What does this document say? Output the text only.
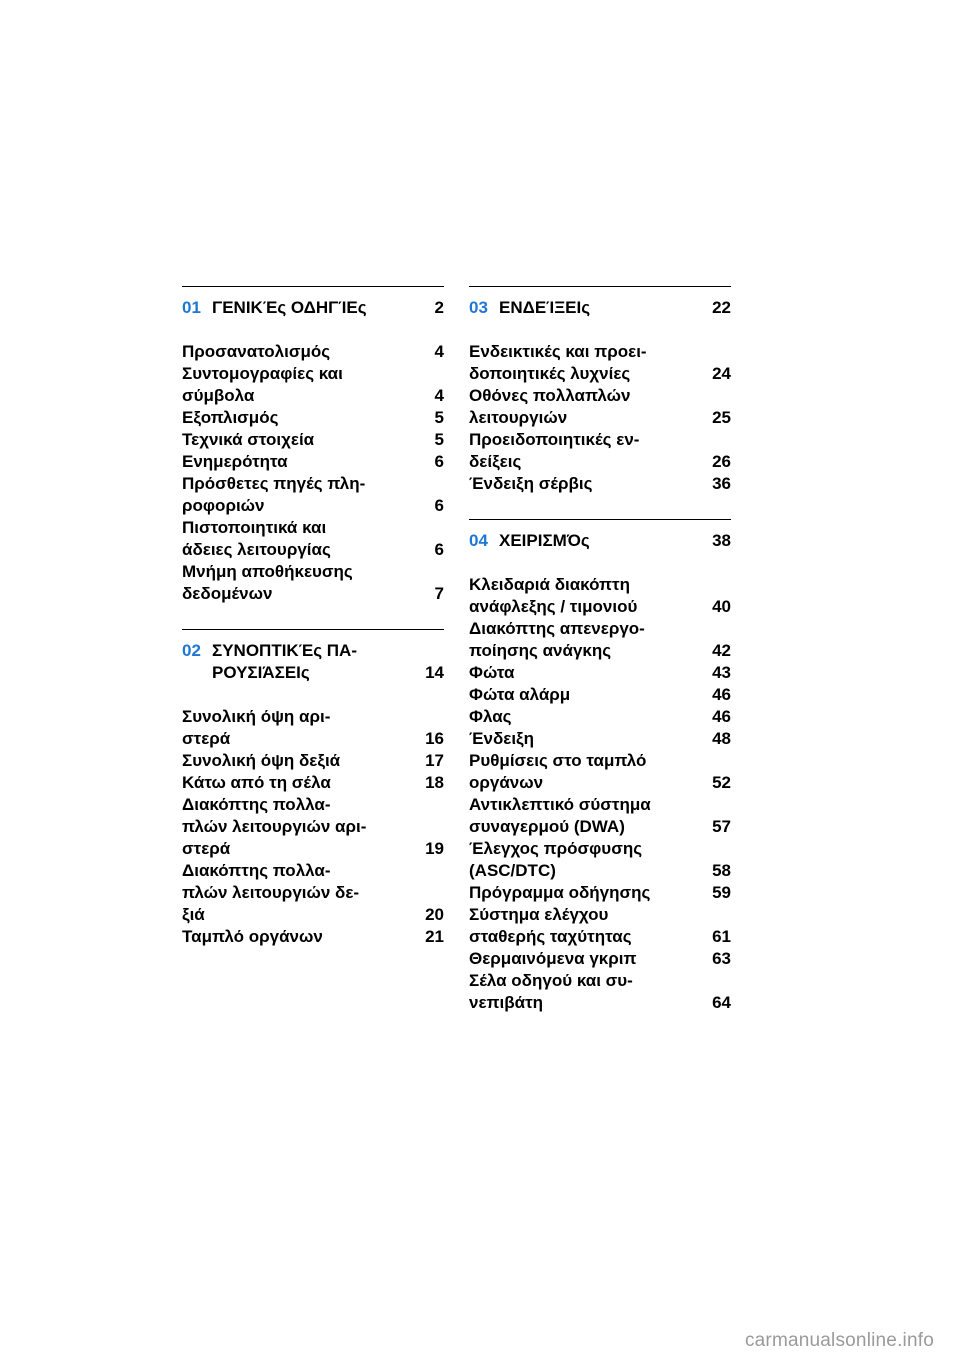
01 ΓΕΝΙΚΈς ΟΔΗΓΊΕς	2
Προσανατολισμός	4
Συντομογραφίες και
σύμβολα	4
Εξοπλισμός	5
Τεχνικά στοιχεία	5
Ενημερότητα	6
Πρόσθετες πηγές πλη-
ροφοριών	6
Πιστοποιητικά και
άδειες λειτουργίας	6
Μνήμη αποθήκευσης
δεδομένων	7
02 ΣΥΝΟΠΤΙΚΈς ΠΑ-
ΡΟΥΣΙΆΣΕΙς	14
Συνολική όψη αρι-
στερά	16
Συνολική όψη δεξιά	17
Κάτω από τη σέλα	18
Διακόπτης πολλα-
πλών λειτουργιών αρι-
στερά	19
Διακόπτης πολλα-
πλών λειτουργιών δε-
ξιά	20
Ταμπλό οργάνων	21
03 ΕΝΔΕΊΞΕΙς	22
Ενδεικτικές και προει-
δοποιητικές λυχνίες	24
Οθόνες πολλαπλών
λειτουργιών	25
Προειδοποιητικές εν-
δείξεις	26
Ένδειξη σέρβις	36
04 ΧΕΙΡΙΣΜΌς	38
Κλειδαριά διακόπτη
ανάφλεξης / τιμονιού	40
Διακόπτης απενεργο-
ποίησης ανάγκης	42
Φώτα	43
Φώτα αλάρμ	46
Φλας	46
Ένδειξη	48
Ρυθμίσεις στο ταμπλό
οργάνων	52
Αντικλεπτικό σύστημα
συναγερμού (DWA)	57
Έλεγχος πρόσφυσης
(ASC/DTC)	58
Πρόγραμμα οδήγησης	59
Σύστημα ελέγχου
σταθερής ταχύτητας	61
Θερμαινόμενα γκριπ	63
Σέλα οδηγού και συ-
νεπιβάτη	64
carmanualsonline.info
